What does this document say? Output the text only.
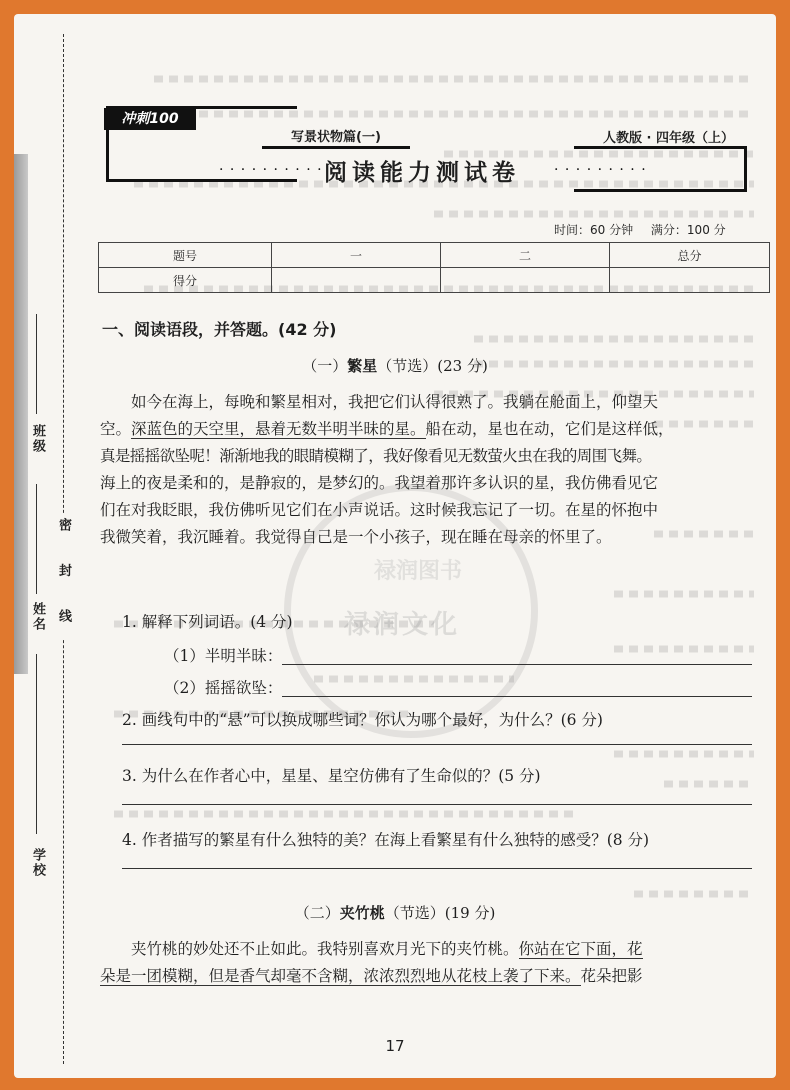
班级
姓名 密 封 线
学校
冲刺100
写景状物篇(一)
· · · · · · · · · · 阅读能力测试卷	· · · · · · · · ·
人教版 · 四年级（上）
时间：60 分钟 满分：100 分
题号	一	二	总分
得分			
一、阅读语段，并答题。(42 分)
（一）繁星（节选）(23 分)
如今在海上，每晚和繁星相对，我把它们认得很熟了。我躺在舱面上，仰望天
空。深蓝色的天空里，悬着无数半明半昧的星。船在动，星也在动，它们是这样低，
真是摇摇欲坠呢！渐渐地我的眼睛模糊了，我好像看见无数萤火虫在我的周围飞舞。
海上的夜是柔和的，是静寂的，是梦幻的。我望着那许多认识的星，我仿佛看见它
们在对我眨眼，我仿佛听见它们在小声说话。这时候我忘记了一切。在星的怀抱中
我微笑着，我沉睡着。我觉得自己是一个小孩子，现在睡在母亲的怀里了。
禄润图书
禄润文化
1. 解释下列词语。(4 分)
（1）半明半昧：
（2）摇摇欲坠：
2. 画线句中的“悬”可以换成哪些词？你认为哪个最好，为什么？(6 分)
3. 为什么在作者心中，星星、星空仿佛有了生命似的？(5 分)
4. 作者描写的繁星有什么独特的美？在海上看繁星有什么独特的感受？(8 分)
（二）夹竹桃（节选）(19 分)
夹竹桃的妙处还不止如此。我特别喜欢月光下的夹竹桃。你站在它下面，花
朵是一团模糊，但是香气却毫不含糊，浓浓烈烈地从花枝上袭了下来。花朵把影
17
